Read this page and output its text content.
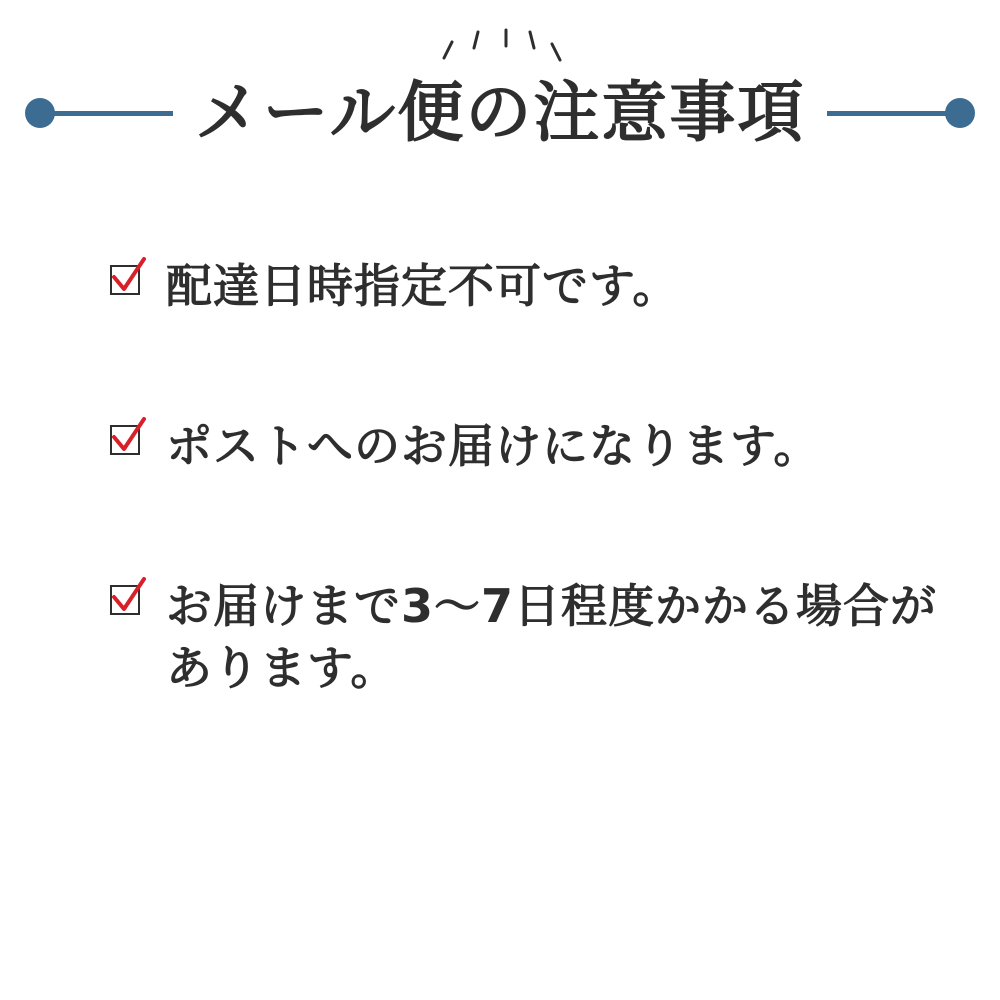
メール便の注意事項
配達日時指定不可です。
ポストへのお届けになります。
お届けまで3〜7日程度かかる場合があります。
